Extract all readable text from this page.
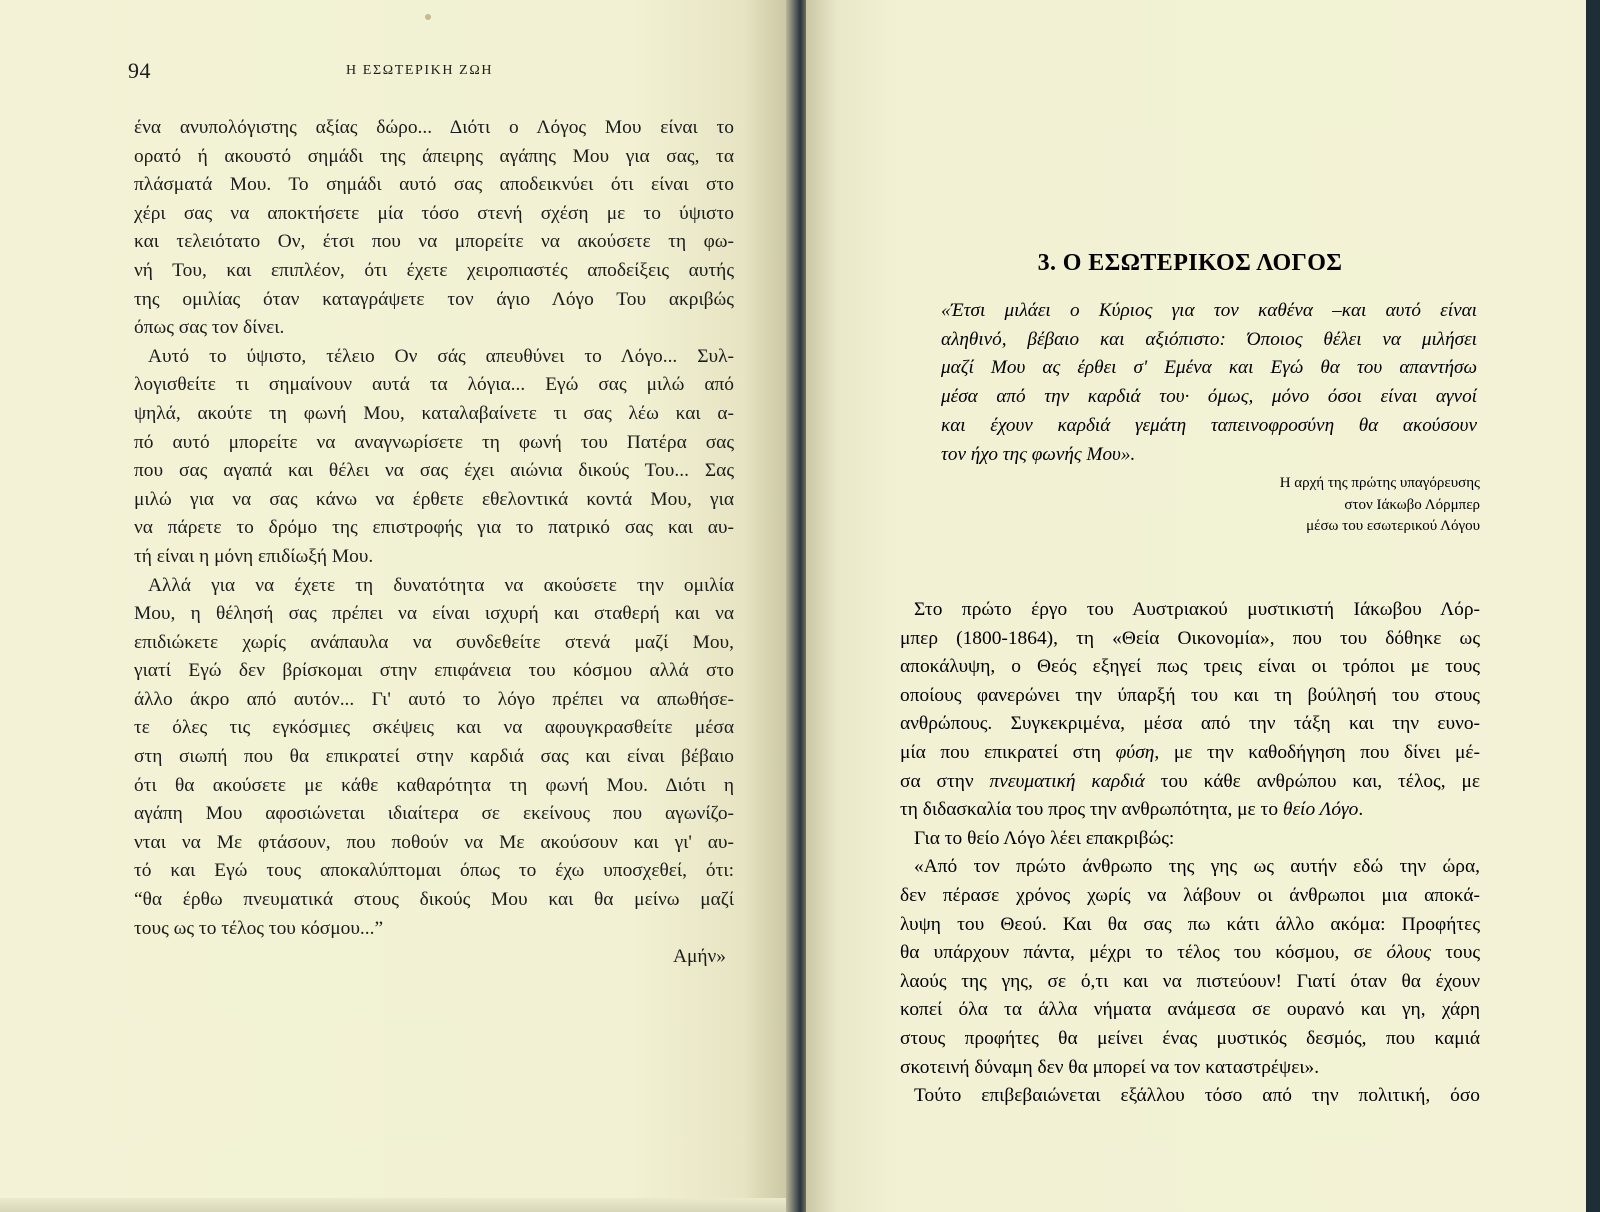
94	Η ΕΣΩΤΕΡΙΚΗ ΖΩΗ
ένα ανυπολόγιστης αξίας δώρο... Διότι ο Λόγος Μου είναι το
ορατό ή ακουστό σημάδι της άπειρης αγάπης Μου για σας, τα
πλάσματά Μου. Το σημάδι αυτό σας αποδεικνύει ότι είναι στο
χέρι σας να αποκτήσετε μία τόσο στενή σχέση με το ύψιστο
και τελειότατο Ον, έτσι που να μπορείτε να ακούσετε τη φω-
νή Του, και επιπλέον, ότι έχετε χειροπιαστές αποδείξεις αυτής
της ομιλίας όταν καταγράψετε τον άγιο Λόγο Του ακριβώς
όπως σας τον δίνει.
Αυτό το ύψιστο, τέλειο Ον σάς απευθύνει το Λόγο... Συλ-
λογισθείτε τι σημαίνουν αυτά τα λόγια... Εγώ σας μιλώ από
ψηλά, ακούτε τη φωνή Μου, καταλαβαίνετε τι σας λέω και α-
πό αυτό μπορείτε να αναγνωρίσετε τη φωνή του Πατέρα σας
που σας αγαπά και θέλει να σας έχει αιώνια δικούς Του... Σας
μιλώ για να σας κάνω να έρθετε εθελοντικά κοντά Μου, για
να πάρετε το δρόμο της επιστροφής για το πατρικό σας και αυ-
τή είναι η μόνη επιδίωξή Μου.
Αλλά για να έχετε τη δυνατότητα να ακούσετε την ομιλία
Μου, η θέλησή σας πρέπει να είναι ισχυρή και σταθερή και να
επιδιώκετε χωρίς ανάπαυλα να συνδεθείτε στενά μαζί Μου,
γιατί Εγώ δεν βρίσκομαι στην επιφάνεια του κόσμου αλλά στο
άλλο άκρο από αυτόν... Γι' αυτό το λόγο πρέπει να απωθήσε-
τε όλες τις εγκόσμιες σκέψεις και να αφουγκρασθείτε μέσα
στη σιωπή που θα επικρατεί στην καρδιά σας και είναι βέβαιο
ότι θα ακούσετε με κάθε καθαρότητα τη φωνή Μου. Διότι η
αγάπη Μου αφοσιώνεται ιδιαίτερα σε εκείνους που αγωνίζο-
νται να Με φτάσουν, που ποθούν να Με ακούσουν και γι' αυ-
τό και Εγώ τους αποκαλύπτομαι όπως το έχω υποσχεθεί, ότι:
“θα έρθω πνευματικά στους δικούς Μου και θα μείνω μαζί
τους ως το τέλος του κόσμου...”
Αμήν»
3. Ο ΕΣΩΤΕΡΙΚΟΣ ΛΟΓΟΣ
«Έτσι μιλάει ο Κύριος για τον καθένα –και αυτό είναι
αληθινό, βέβαιο και αξιόπιστο: Όποιος θέλει να μιλήσει
μαζί Μου ας έρθει σ' Εμένα και Εγώ θα του απαντήσω
μέσα από την καρδιά του· όμως, μόνο όσοι είναι αγνοί
και έχουν καρδιά γεμάτη ταπεινοφροσύνη θα ακούσουν
τον ήχο της φωνής Μου».
Η αρχή της πρώτης υπαγόρευσης
στον Ιάκωβο Λόρμπερ
μέσω του εσωτερικού Λόγου
Στο πρώτο έργο του Αυστριακού μυστικιστή Ιάκωβου Λόρ-
μπερ (1800-1864), τη «Θεία Οικονομία», που του δόθηκε ως
αποκάλυψη, ο Θεός εξηγεί πως τρεις είναι οι τρόποι με τους
οποίους φανερώνει την ύπαρξή του και τη βούλησή του στους
ανθρώπους. Συγκεκριμένα, μέσα από την τάξη και την ευνο-
μία που επικρατεί στη φύση, με την καθοδήγηση που δίνει μέ-
σα στην πνευματική καρδιά του κάθε ανθρώπου και, τέλος, με
τη διδασκαλία του προς την ανθρωπότητα, με το θείο Λόγο.
Για το θείο Λόγο λέει επακριβώς:
«Από τον πρώτο άνθρωπο της γης ως αυτήν εδώ την ώρα,
δεν πέρασε χρόνος χωρίς να λάβουν οι άνθρωποι μια αποκά-
λυψη του Θεού. Και θα σας πω κάτι άλλο ακόμα: Προφήτες
θα υπάρχουν πάντα, μέχρι το τέλος του κόσμου, σε όλους τους
λαούς της γης, σε ό,τι και να πιστεύουν! Γιατί όταν θα έχουν
κοπεί όλα τα άλλα νήματα ανάμεσα σε ουρανό και γη, χάρη
στους προφήτες θα μείνει ένας μυστικός δεσμός, που καμιά
σκοτεινή δύναμη δεν θα μπορεί να τον καταστρέψει».
Τούτο επιβεβαιώνεται εξάλλου τόσο από την πολιτική, όσο
